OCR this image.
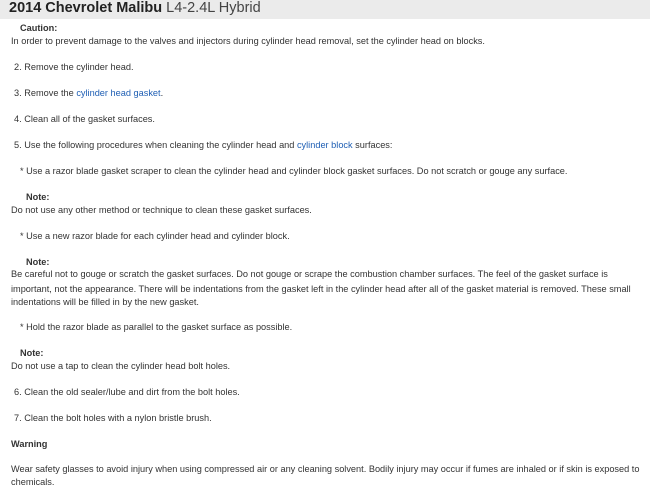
2014 Chevrolet Malibu L4-2.4L Hybrid
Caution:
In order to prevent damage to the valves and injectors during cylinder head removal, set the cylinder head on blocks.
2. Remove the cylinder head.
3. Remove the cylinder head gasket.
4. Clean all of the gasket surfaces.
5. Use the following procedures when cleaning the cylinder head and cylinder block surfaces:
* Use a razor blade gasket scraper to clean the cylinder head and cylinder block gasket surfaces. Do not scratch or gouge any surface.
Note:
Do not use any other method or technique to clean these gasket surfaces.
* Use a new razor blade for each cylinder head and cylinder block.
Note:
Be careful not to gouge or scratch the gasket surfaces. Do not gouge or scrape the combustion chamber surfaces. The feel of the gasket surface is
important, not the appearance. There will be indentations from the gasket left in the cylinder head after all of the gasket material is removed. These small
indentations will be filled in by the new gasket.
* Hold the razor blade as parallel to the gasket surface as possible.
Note:
Do not use a tap to clean the cylinder head bolt holes.
6. Clean the old sealer/lube and dirt from the bolt holes.
7. Clean the bolt holes with a nylon bristle brush.
Warning
Wear safety glasses to avoid injury when using compressed air or any cleaning solvent. Bodily injury may occur if fumes are inhaled or if skin is exposed to
chemicals.
